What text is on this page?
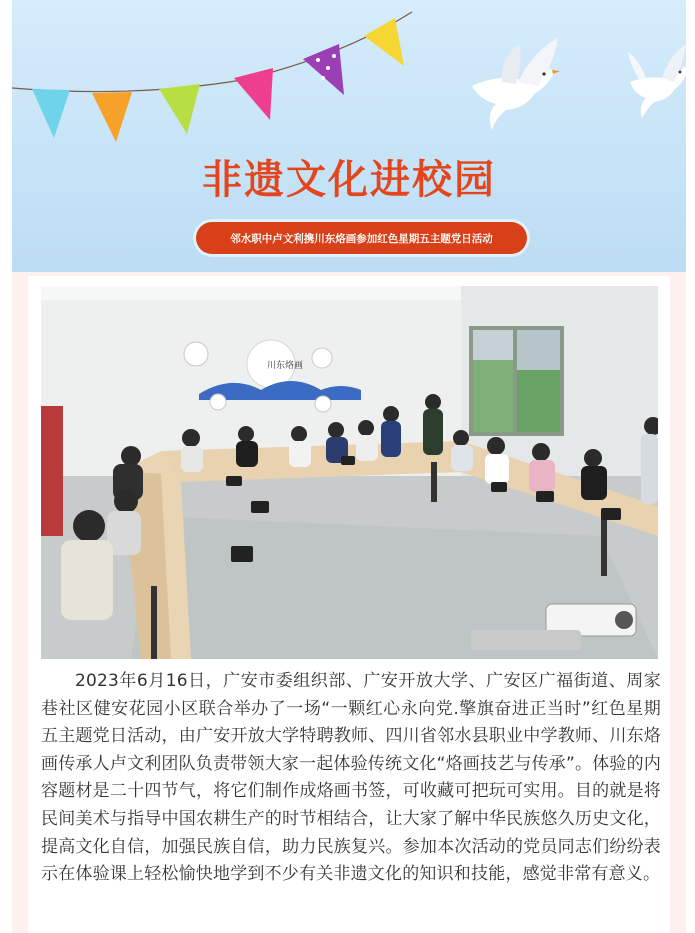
非遗文化进校园
邻水职中卢文利携川东烙画参加红色星期五主题党日活动
川东烙画

2023年6月16日，广安市委组织部、广安开放大学、广安区广福街道、周家巷社区健安花园小区联合举办了一场“一颗红心永向党.擎旗奋进正当时”红色星期五主题党日活动，由广安开放大学特聘教师、四川省邻水县职业中学教师、川东烙画传承人卢文利团队负责带领大家一起体验传统文化“烙画技艺与传承”。体验的内容题材是二十四节气，将它们制作成烙画书签，可收藏可把玩可实用。目的就是将民间美术与指导中国农耕生产的时节相结合，让大家了解中华民族悠久历史文化，提高文化自信，加强民族自信，助力民族复兴。参加本次活动的党员同志们纷纷表示在体验课上轻松愉快地学到不少有关非遗文化的知识和技能，感觉非常有意义。
